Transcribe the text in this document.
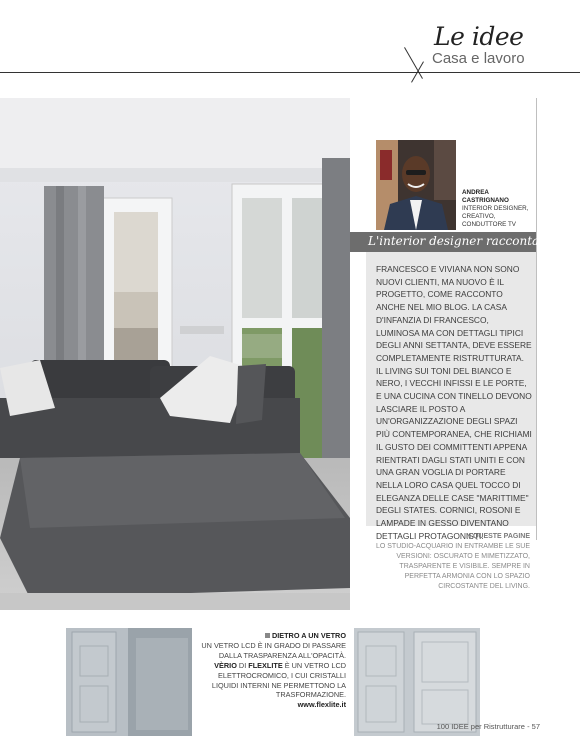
Le idee
Casa e lavoro
ANDREA CASTRIGNANO
INTERIOR DESIGNER, CREATIVO, CONDUTTORE TV
L'interior designer racconta
FRANCESCO E VIVIANA NON SONO NUOVI CLIENTI, MA NUOVO È IL PROGETTO, COME RACCONTO ANCHE NEL MIO BLOG. LA CASA D'INFANZIA DI FRANCESCO, LUMINOSA MA CON DETTAGLI TIPICI DEGLI ANNI SETTANTA, DEVE ESSERE COMPLETAMENTE RISTRUTTURATA. IL LIVING SUI TONI DEL BIANCO E NERO, I VECCHI INFISSI E LE PORTE, E UNA CUCINA CON TINELLO DEVONO LASCIARE IL POSTO A UN'ORGANIZZAZIONE DEGLI SPAZI PIÙ CONTEMPORANEA, CHE RICHIAMI IL GUSTO DEI COMMITTENTI APPENA RIENTRATI DAGLI STATI UNITI E CON UNA GRAN VOGLIA DI PORTARE NELLA LORO CASA QUEL TOCCO DI ELEGANZA DELLE CASE "MARITTIME" DEGLI STATES. CORNICI, ROSONI E LAMPADE IN GESSO DIVENTANO DETTAGLI PROTAGONISTI.
IN QUESTE PAGINE
LO STUDIO-ACQUARIO IN ENTRAMBE LE SUE VERSIONI: OSCURATO E MIMETIZZATO, TRASPARENTE E VISIBILE. SEMPRE IN PERFETTA ARMONIA CON LO SPAZIO CIRCOSTANTE DEL LIVING.
DIETRO A UN VETRO
UN VETRO LCD È IN GRADO DI PASSARE DALLA TRASPARENZA ALL'OPACITÀ. VÈRIO DI FLEXLITE È UN VETRO LCD ELETTROCROMICO, I CUI CRISTALLI LIQUIDI INTERNI NE PERMETTONO LA TRASFORMAZIONE.
www.flexlite.it
100 IDEE per Ristrutturare - 57
